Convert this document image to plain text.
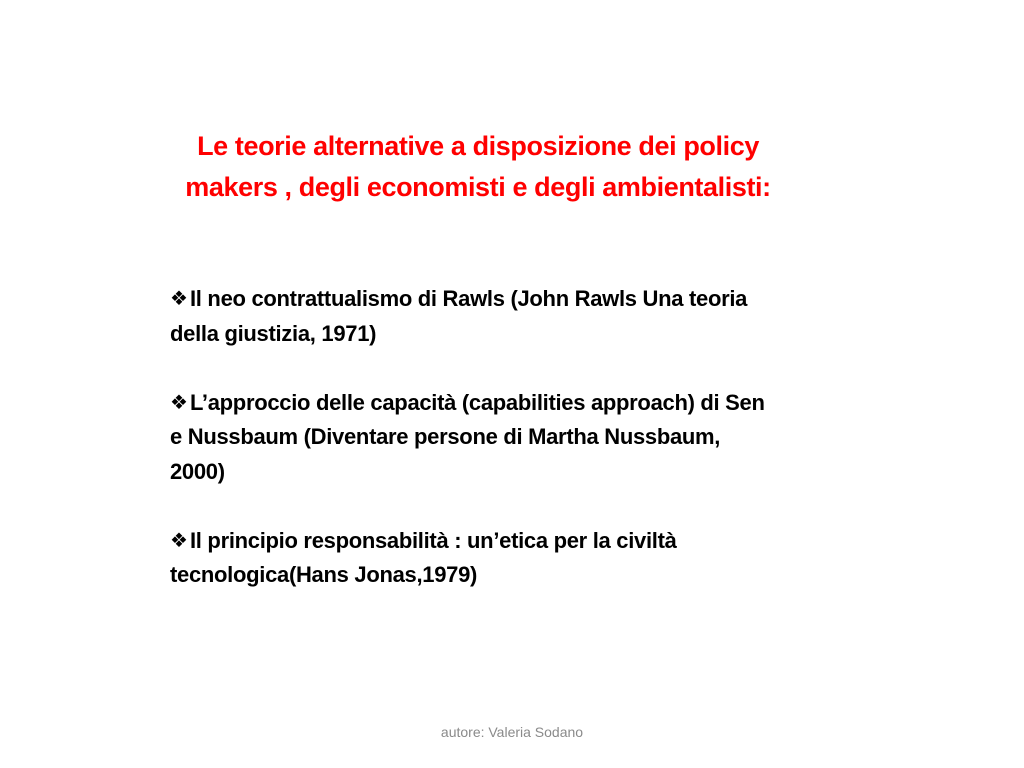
Le teorie alternative a disposizione dei policy makers , degli economisti e degli ambientalisti:
❖ Il neo contrattualismo di Rawls (John Rawls Una teoria della giustizia, 1971)
❖ L’approccio delle capacità (capabilities approach) di Sen e Nussbaum (Diventare persone di Martha Nussbaum, 2000)
❖ Il principio responsabilità : un’etica per la civiltà tecnologica(Hans Jonas,1979)
autore: Valeria Sodano
